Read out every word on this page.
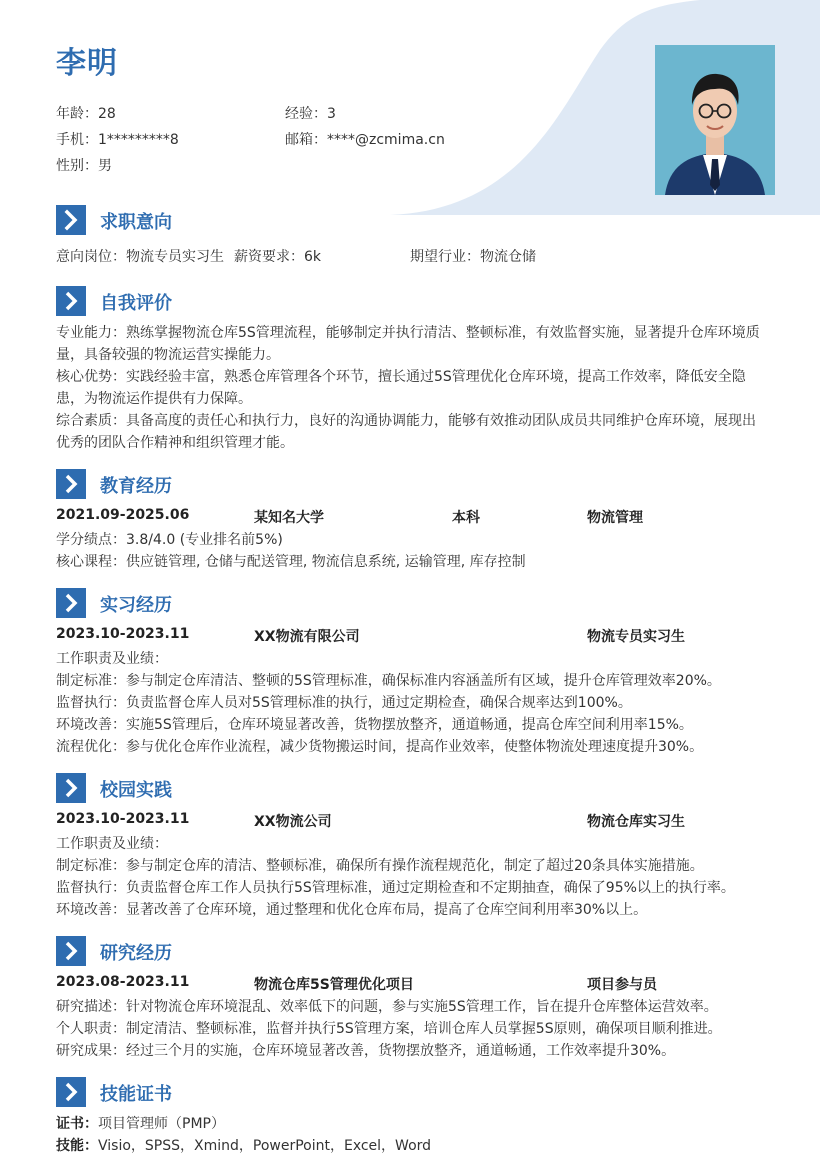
李明
年龄：28	经验：3
手机：1*********8	邮箱：****@zcmima.cn
性别：男
求职意向
意向岗位：物流专员实习生 薪资要求：6k	期望行业：物流仓储
自我评价
专业能力：熟练掌握物流仓库5S管理流程，能够制定并执行清洁、整顿标准，有效监督实施，显著提升仓库环境质量，具备较强的物流运营实操能力。
核心优势：实践经验丰富，熟悉仓库管理各个环节，擅长通过5S管理优化仓库环境，提高工作效率，降低安全隐患，为物流运作提供有力保障。
综合素质：具备高度的责任心和执行力，良好的沟通协调能力，能够有效推动团队成员共同维护仓库环境，展现出优秀的团队合作精神和组织管理才能。
教育经历
2021.09-2025.06	某知名大学	本科	物流管理
学分绩点：3.8/4.0 (专业排名前5%)
核心课程：供应链管理, 仓储与配送管理, 物流信息系统, 运输管理, 库存控制
实习经历
2023.10-2023.11	XX物流有限公司	物流专员实习生
工作职责及业绩：
制定标准：参与制定仓库清洁、整顿的5S管理标准，确保标准内容涵盖所有区域，提升仓库管理效率20%。
监督执行：负责监督仓库人员对5S管理标准的执行，通过定期检查，确保合规率达到100%。
环境改善：实施5S管理后，仓库环境显著改善，货物摆放整齐，通道畅通，提高仓库空间利用率15%。
流程优化：参与优化仓库作业流程，减少货物搬运时间，提高作业效率，使整体物流处理速度提升30%。
校园实践
2023.10-2023.11	XX物流公司	物流仓库实习生
工作职责及业绩：
制定标准：参与制定仓库的清洁、整顿标准，确保所有操作流程规范化，制定了超过20条具体实施措施。
监督执行：负责监督仓库工作人员执行5S管理标准，通过定期检查和不定期抽查，确保了95%以上的执行率。
环境改善：显著改善了仓库环境，通过整理和优化仓库布局，提高了仓库空间利用率30%以上。
研究经历
2023.08-2023.11	物流仓库5S管理优化项目	项目参与员
研究描述：针对物流仓库环境混乱、效率低下的问题，参与实施5S管理工作，旨在提升仓库整体运营效率。
个人职责：制定清洁、整顿标准，监督并执行5S管理方案，培训仓库人员掌握5S原则，确保项目顺利推进。
研究成果：经过三个月的实施，仓库环境显著改善，货物摆放整齐，通道畅通，工作效率提升30%。
技能证书
证书：项目管理师（PMP）
技能：Visio，SPSS，Xmind，PowerPoint，Excel，Word
